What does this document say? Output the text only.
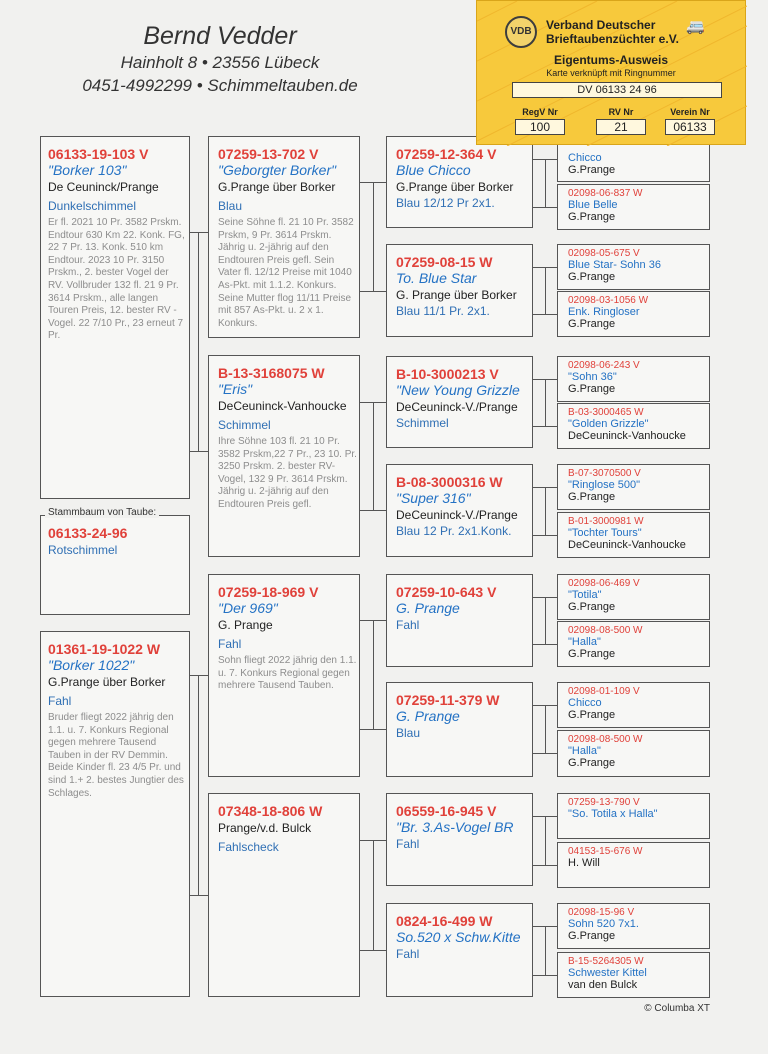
Bernd Vedder
Hainholt 8 • 23556 Lübeck
0451-4992299 • Schimmeltauben.de
06133-19-103 V
"Borker 103"
De Ceuninck/Prange
Dunkelschimmel
Er fl. 2021 10 Pr. 3582 Prskm. Endtour 630 Km 22. Konk. FG, 22 7 Pr. 13. Konk. 510 km Endtour. 2023 10 Pr. 3150 Prskm., 2. bester Vogel der RV. Vollbruder 132 fl. 21 9 Pr. 3614 Prskm., alle langen Touren Preis, 12. bester RV -Vogel. 22 7/10 Pr., 23 erneut 7 Pr.
06133-24-96
Rotschimmel
Stammbaum von Taube:
01361-19-1022 W
"Borker 1022"
G.Prange über Borker
Fahl
Bruder fliegt 2022 jährig den 1.1. u. 7. Konkurs Regional gegen mehrere Tausend Tauben in der RV Demmin. Beide Kinder fl. 23 4/5 Pr. und sind 1.+ 2. bestes Jungtier des Schlages.
07259-13-702 V
"Geborgter Borker"
G.Prange über Borker
Blau
Seine Söhne fl. 21 10 Pr. 3582 Prskm, 9 Pr. 3614 Prskm. Jährig u. 2-jährig auf den Endtouren Preis gefl. Sein Vater fl. 12/12 Preise mit 1040 As-Pkt. mit 1.1.2. Konkurs. Seine Mutter flog 11/11 Preise mit 857 As-Pkt. u. 2 x 1. Konkurs.
B-13-3168075 W
"Eris"
DeCeuninck-Vanhoucke
Schimmel
Ihre Söhne 103 fl. 21 10 Pr. 3582 Prskm,22 7 Pr., 23 10. Pr. 3250 Prskm. 2. bester RV-Vogel, 132 9 Pr. 3614 Prskm. Jährig u. 2-jährig auf den Endtouren Preis gefl.
07259-18-969 V
"Der 969"
G. Prange
Fahl
Sohn fliegt 2022 jährig den 1.1. u. 7. Konkurs Regional gegen mehrere Tausend Tauben.
07348-18-806 W
Prange/v.d. Bulck
Fahlscheck
07259-12-364 V
Blue Chicco
G.Prange über Borker
Blau 12/12 Pr 2x1.
07259-08-15 W
To. Blue Star
G. Prange über Borker
Blau 11/1 Pr. 2x1.
B-10-3000213 V
"New Young Grizzle
DeCeuninck-V./Prange
Schimmel
B-08-3000316 W
"Super 316"
DeCeuninck-V./Prange
Blau 12 Pr. 2x1.Konk.
07259-10-643 V
G. Prange
Fahl
07259-11-379 W
G. Prange
Blau
06559-16-945 V
"Br. 3.As-Vogel BR
Fahl
0824-16-499 W
So.520 x Schw.Kitte
Fahl
Chicco
G.Prange
02098-06-837 W
Blue Belle
G.Prange
02098-05-675 V
Blue Star- Sohn 36
G.Prange
02098-03-1056 W
Enk. Ringloser
G.Prange
02098-06-243 V
"Sohn 36"
G.Prange
B-03-3000465 W
"Golden Grizzle"
DeCeuninck-Vanhoucke
B-07-3070500 V
"Ringlose 500"
G.Prange
B-01-3000981 W
"Tochter Tours"
DeCeuninck-Vanhoucke
02098-06-469 V
"Totila"
G.Prange
02098-08-500 W
"Halla"
G.Prange
02098-01-109 V
Chicco
G.Prange
02098-08-500 W
"Halla"
G.Prange
07259-13-790 V
"So. Totila x Halla"
04153-15-676 W
H. Will
02098-15-96 V
Sohn 520 7x1.
G.Prange
B-15-5264305 W
Schwester Kittel
van den Bulck
VDB	Verband Deutscher
Brieftaubenzüchter e.V.
🚐
Eigentums-Ausweis
Karte verknüpft mit Ringnummer
DV 06133 24 96
RegV Nr	RV Nr	Verein Nr
100	21	06133
© Columba XT
